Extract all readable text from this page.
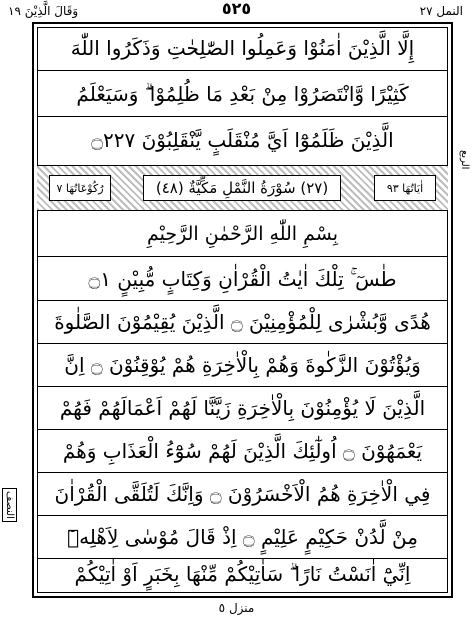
وَقَالَ الَّذِيْنَ ١٩	٥٢٥	النمل ٢٧
إِلَّا الَّذِيْنَ اٰمَنُوْا وَعَمِلُوا الصّٰلِحٰتِ وَذَكَرُوا اللّٰهَ
كَثِيْرًا وَّانْتَصَرُوْا مِنْ بَعْدِ مَا ظُلِمُوْا ۗ وَسَيَعْلَمُ
الَّذِيْنَ ظَلَمُوْٓا اَيَّ مُنْقَلَبٍ يَّنْقَلِبُوْنَ ۝٢٢٧
رُكُوْعَاتُهَا ٧	(٢٧) سُوْرَةُ النَّمْلِ مَكِّيَّةٌ (٤٨)	اٰيَاتُهَا ٩٣
بِسْمِ اللّٰهِ الرَّحْمٰنِ الرَّحِيْمِ
طٰسٓ ۚ تِلْكَ اٰيٰتُ الْقُرْاٰنِ وَكِتَابٍ مُّبِيْنٍ ۝١
هُدًى وَّبُشْرٰى لِلْمُؤْمِنِيْنَ ۝ الَّذِيْنَ يُقِيْمُوْنَ الصَّلٰوةَ
وَيُؤْتُوْنَ الزَّكٰوةَ وَهُمْ بِالْاٰخِرَةِ هُمْ يُوْقِنُوْنَ ۝ اِنَّ
الَّذِيْنَ لَا يُؤْمِنُوْنَ بِالْاٰخِرَةِ زَيَّنَّا لَهُمْ اَعْمَالَهُمْ فَهُمْ
يَعْمَهُوْنَ ۝ اُولٰٓئِكَ الَّذِيْنَ لَهُمْ سُوْٓءُ الْعَذَابِ وَهُمْ
فِي الْاٰخِرَةِ هُمُ الْاَخْسَرُوْنَ ۝ وَاِنَّكَ لَتُلَقَّى الْقُرْاٰنَ
مِنْ لَّدُنْ حَكِيْمٍ عَلِيْمٍ ۝ اِذْ قَالَ مُوْسٰى لِاَهْلِهٖٓ
اِنِّيْٓ اٰنَسْتُ نَارًا ۗ سَاٰتِيْكُمْ مِّنْهَا بِخَبَرٍ اَوْ اٰتِيْكُمْ
الربع
النصف
منزل ٥
